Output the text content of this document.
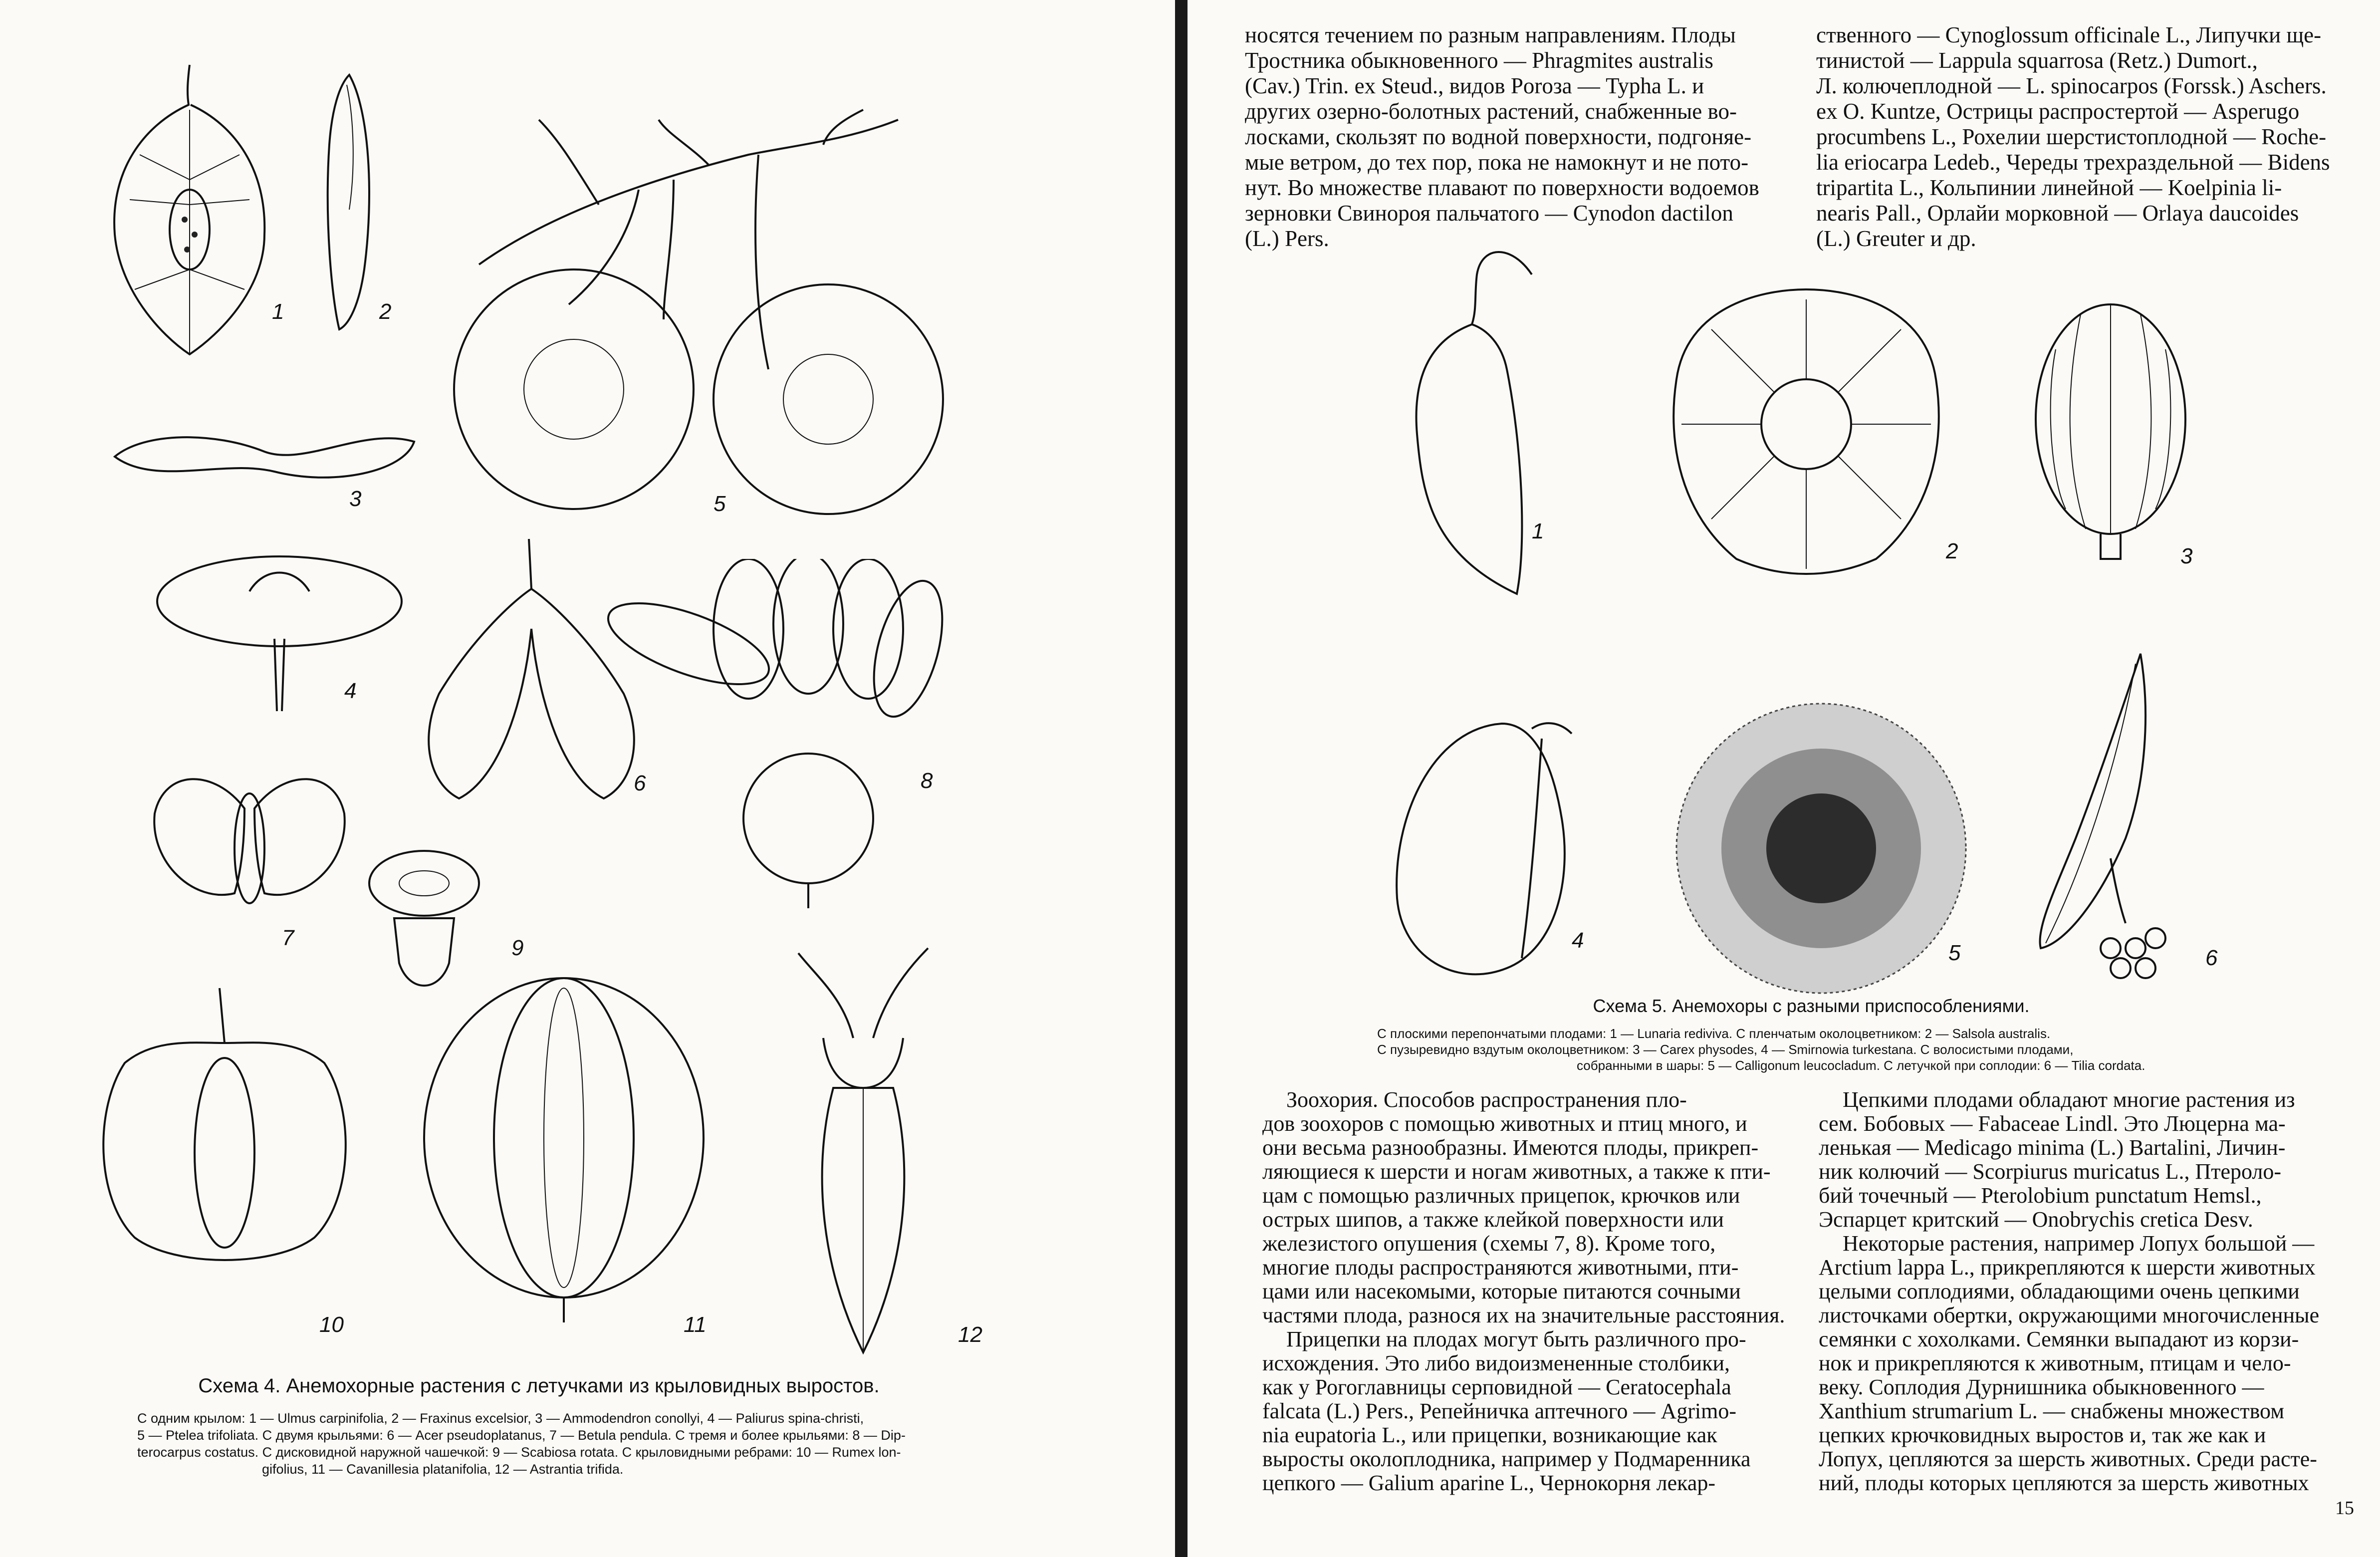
1	2
3
4
5
6	8
7	9
10	11	12
Схема 4. Анемохорные растения с летучками из крыловидных выростов.
С одним крылом: 1 — Ulmus carpinifolia, 2 — Fraxinus excelsior, 3 — Ammodendron conollyi, 4 — Paliurus spina-christi,
5 — Ptelea trifoliata. С двумя крыльями: 6 — Acer pseudoplatanus, 7 — Betula pendula. С тремя и более крыльями: 8 — Dip-
terocarpus costatus. С дисковидной наружной чашечкой: 9 — Scabiosa rotata. С крыловидными ребрами: 10 — Rumex lon-
gifolius, 11 — Cavanillesia platanifolia, 12 — Astrantia trifida.
носятся течением по разным направлениям. Плоды
Тростника обыкновенного — Phragmites australis
(Cav.) Trin. ex Steud., видов Poroза — Typha L. и
других озерно-болотных растений, снабженные во-
лосками, скользят по водной поверхности, подгоняе-
мые ветром, до тех пор, пока не намокнут и не пото-
нут. Во множестве плавают по поверхности водоемов
зерновки Свинороя пальчатого — Cynodon dactilon
(L.) Pers.
ственного — Cynoglossum officinale L., Липучки ще-
тинистой — Lappula squarrosa (Retz.) Dumort.,
Л. колючеплодной — L. spinocarpos (Forssk.) Aschers.
ex O. Kuntze, Острицы распростертой — Asperugo
procumbens L., Рохелии шерстистоплодной — Roche-
lia eriocarpa Ledeb., Череды трехраздельной — Bidens
tripartita L., Кольпинии линейной — Koelpinia li-
nearis Pall., Орлайи морковной — Orlaya daucoides
(L.) Greuter и др.
1
2	3
4
5	6
Схема 5. Анемохоры с разными приспособлениями.
С плоскими перепончатыми плодами: 1 — Lunaria rediviva. С пленчатым околоцветником: 2 — Salsola australis.
С пузыревидно вздутым околоцветником: 3 — Carex physodes, 4 — Smirnowia turkestana. С волосистыми плодами,
собранными в шары: 5 — Calligonum leucocladum. С летучкой при соплодии: 6 — Tilia cordata.
Зоохория. Способов распространения пло-
дов зоохоров с помощью животных и птиц много, и
они весьма разнообразны. Имеются плоды, прикреп-
ляющиеся к шерсти и ногам животных, а также к пти-
цам с помощью различных прицепок, крючков или
острых шипов, а также клейкой поверхности или
железистого опушения (схемы 7, 8). Кроме того,
многие плоды распространяются животными, пти-
цами или насекомыми, которые питаются сочными
частями плода, разнося их на значительные расстояния.
Прицепки на плодах могут быть различного про-
исхождения. Это либо видоизмененные столбики,
как у Рогоглавницы серповидной — Ceratocephala
falcata (L.) Pers., Репейничка аптечного — Agrimo-
nia eupatoria L., или прицепки, возникающие как
выросты околоплодника, например у Подмаренника
цепкого — Galium aparine L., Чернокорня лекар-
Цепкими плодами обладают многие растения из
сем. Бобовых — Fabaceae Lindl. Это Люцерна ма-
ленькая — Medicago minima (L.) Bartalini, Личин-
ник колючий — Scorpiurus muricatus L., Птероло-
бий точечный — Pterolobium punctatum Hemsl.,
Эспарцет критский — Onobrychis cretica Desv.
Некоторые растения, например Лопух большой —
Arctium lappa L., прикрепляются к шерсти животных
целыми соплодиями, обладающими очень цепкими
листочками обертки, окружающими многочисленные
семянки с хохолками. Семянки выпадают из корзи-
нок и прикрепляются к животным, птицам и чело-
веку. Соплодия Дурнишника обыкновенного —
Xanthium strumarium L. — снабжены множеством
цепких крючковидных выростов и, так же как и
Лопух, цепляются за шерсть животных. Среди расте-
ний, плоды которых цепляются за шерсть животных
15
